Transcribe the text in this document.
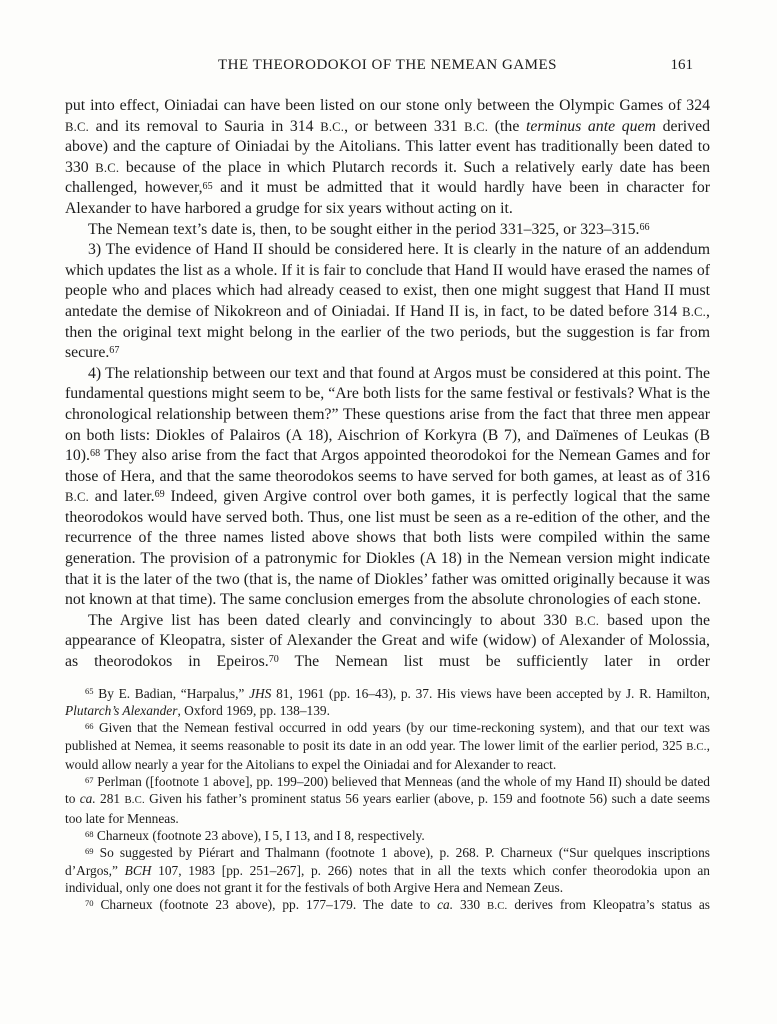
THE THEORODOKOI OF THE NEMEAN GAMES	161

put into effect, Oiniadai can have been listed on our stone only between the Olympic Games of 324 B.C. and its removal to Sauria in 314 B.C., or between 331 B.C. (the terminus ante quem derived above) and the capture of Oiniadai by the Aitolians. This latter event has traditionally been dated to 330 B.C. because of the place in which Plutarch records it. Such a relatively early date has been challenged, however,$^{65}$ and it must be admitted that it would hardly have been in character for Alexander to have harbored a grudge for six years without acting on it.

The Nemean text’s date is, then, to be sought either in the period 331–325, or 323–315.66

3) The evidence of Hand II should be considered here. It is clearly in the nature of an addendum which updates the list as a whole. If it is fair to conclude that Hand II would have erased the names of people who and places which had already ceased to exist, then one might suggest that Hand II must antedate the demise of Nikokreon and of Oiniadai. If Hand II is, in fact, to be dated before 314 B.C., then the original text might belong in the earlier of the two periods, but the suggestion is far from secure.$^{67}$

4) The relationship between our text and that found at Argos must be considered at this point. The fundamental questions might seem to be, “Are both lists for the same festival or festivals? What is the chronological relationship between them?” These questions arise from the fact that three men appear on both lists: Diokles of Palairos (A 18), Aischrion of Korkyra (B 7), and Daïmenes of Leukas (B 10).$^{68}$ They also arise from the fact that Argos appointed theorodokoi for the Nemean Games and for those of Hera, and that the same theorodokos seems to have served for both games, at least as of 316 B.C. and later.$^{69}$ Indeed, given Argive control over both games, it is perfectly logical that the same theorodokos would have served both. Thus, one list must be seen as a re-edition of the other, and the recurrence of the three names listed above shows that both lists were compiled within the same generation. The provision of a patronymic for Diokles (A 18) in the Nemean version might indicate that it is the later of the two (that is, the name of Diokles’ father was omitted originally because it was not known at that time). The same conclusion emerges from the absolute chronologies of each stone.

The Argive list has been dated clearly and convincingly to about 330 B.C. based upon the appearance of Kleopatra, sister of Alexander the Great and wife (widow) of Alexander of Molossia, as theorodokos in Epeiros.$^{70}$ The Nemean list must be sufficiently later in order

$^{65}$ By E. Badian, “Harpalus,” JHS 81, 1961 (pp. 16–43), p. 37. His views have been accepted by J. R. Hamilton, Plutarch’s Alexander, Oxford 1969, pp. 138–139.

$^{66}$ Given that the Nemean festival occurred in odd years (by our time-reckoning system), and that our text was published at Nemea, it seems reasonable to posit its date in an odd year. The lower limit of the earlier period, 325 B.C., would allow nearly a year for the Aitolians to expel the Oiniadai and for Alexander to react.

$^{67}$ Perlman ([footnote 1 above], pp. 199–200) believed that Menneas (and the whole of my Hand II) should be dated to ca. 281 B.C. Given his father’s prominent status 56 years earlier (above, p. 159 and footnote 56) such a date seems too late for Menneas.

$^{68}$ Charneux (footnote 23 above), I 5, I 13, and I 8, respectively.

$^{69}$ So suggested by Piérart and Thalmann (footnote 1 above), p. 268. P. Charneux (“Sur quelques inscriptions d’Argos,” BCH 107, 1983 [pp. 251–267], p. 266) notes that in all the texts which confer theorodokia upon an individual, only one does not grant it for the festivals of both Argive Hera and Nemean Zeus.

$^{70}$ Charneux (footnote 23 above), pp. 177–179. The date to ca. 330 B.C. derives from Kleopatra’s status as
